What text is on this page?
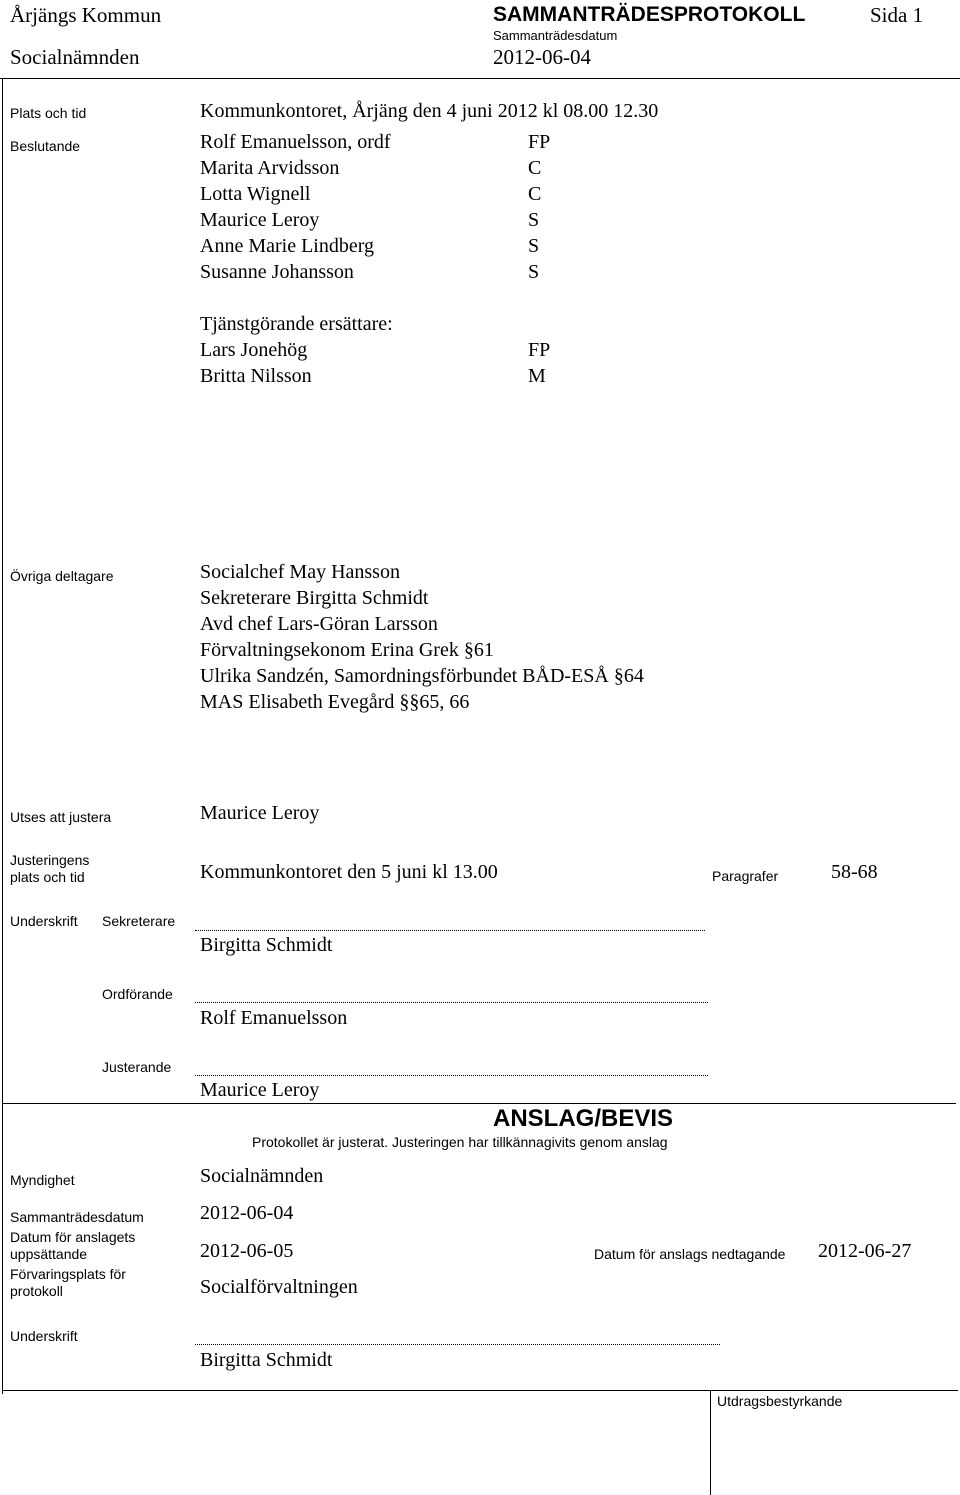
Årjängs Kommun	SAMMANTRÄDESPROTOKOLL	Sida 1
Sammanträdesdatum
Socialnämnden	2012-06-04
Plats och tid	Kommunkontoret, Årjäng den 4 juni 2012 kl 08.00 12.30
Beslutande	Rolf Emanuelsson, ordf	FP
Marita Arvidsson	C
Lotta Wignell	C
Maurice Leroy	S
Anne Marie Lindberg	S
Susanne Johansson	S
Tjänstgörande ersättare:
Lars Jonehög	FP
Britta Nilsson	M
Övriga deltagare	Socialchef May Hansson
Sekreterare Birgitta Schmidt
Avd chef Lars-Göran Larsson
Förvaltningsekonom Erina Grek §61
Ulrika Sandzén, Samordningsförbundet BÅD-ESÅ §64
MAS Elisabeth Evegård §§65, 66
Utses att justera	Maurice Leroy
Justeringens
plats och tid	Kommunkontoret den 5 juni kl 13.00	Paragrafer	58-68
Underskrift Sekreterare
Birgitta Schmidt
Ordförande
Rolf Emanuelsson
Justerande
Maurice Leroy
ANSLAG/BEVIS
Protokollet är justerat. Justeringen har tillkännagivits genom anslag
Myndighet	Socialnämnden
Sammanträdesdatum	2012-06-04
Datum för anslagets
uppsättande	2012-06-05	Datum för anslags nedtagande 2012-06-27
Förvaringsplats för
protokoll	Socialförvaltningen
Underskrift
Birgitta Schmidt
Utdragsbestyrkande
